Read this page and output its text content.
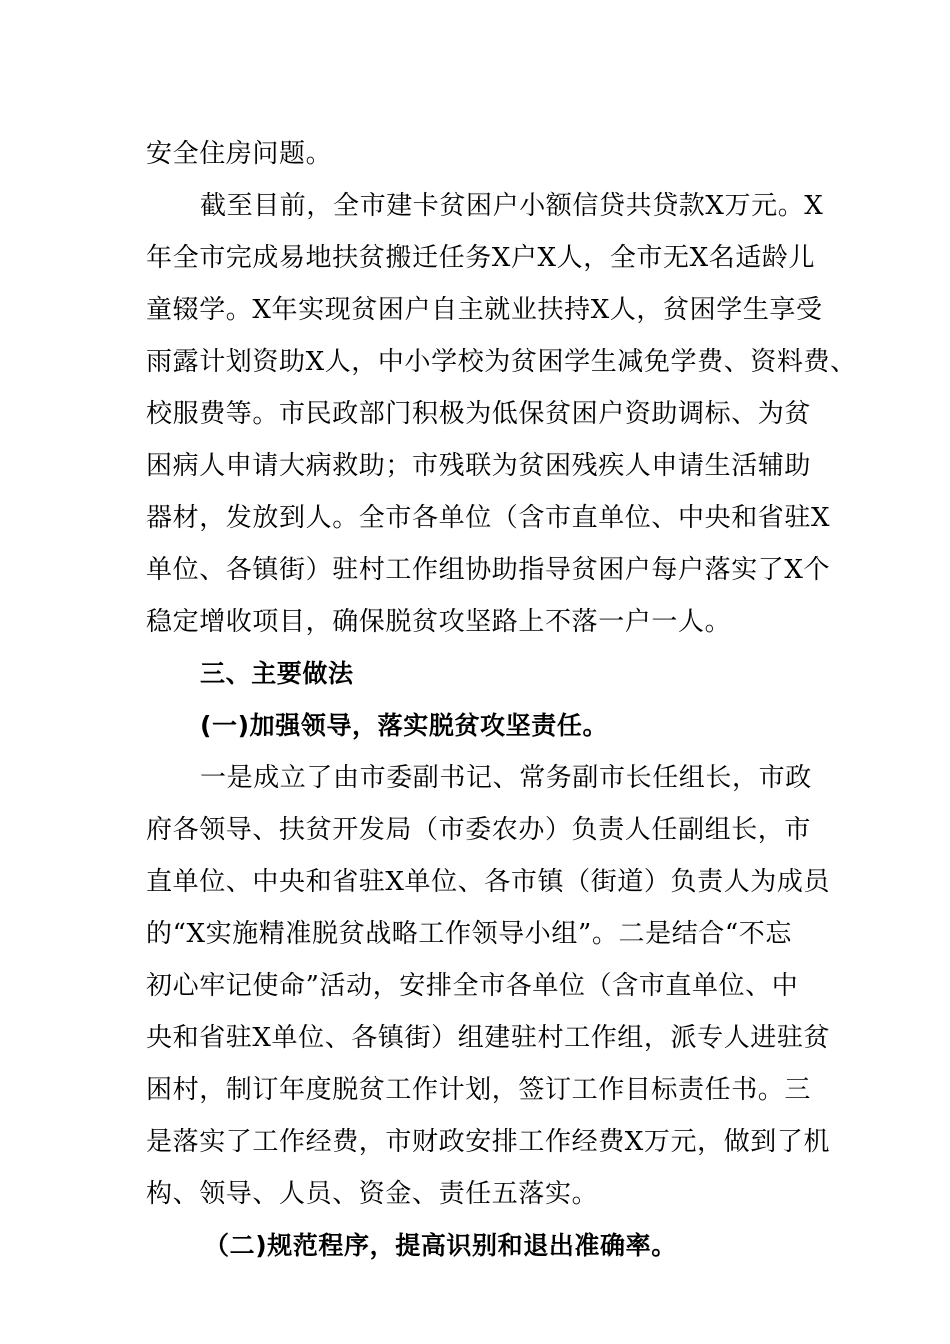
安全住房问题。
截至目前，全市建卡贫困户小额信贷共贷款X万元。X
年全市完成易地扶贫搬迁任务X户X人，全市无X名适龄儿
童辍学。X年实现贫困户自主就业扶持X人，贫困学生享受
雨露计划资助X人，中小学校为贫困学生减免学费、资料费、
校服费等。市民政部门积极为低保贫困户资助调标、为贫
困病人申请大病救助；市残联为贫困残疾人申请生活辅助
器材，发放到人。全市各单位（含市直单位、中央和省驻X
单位、各镇街）驻村工作组协助指导贫困户每户落实了X个
稳定增收项目，确保脱贫攻坚路上不落一户一人。
三、主要做法
(一)加强领导，落实脱贫攻坚责任。
一是成立了由市委副书记、常务副市长任组长，市政
府各领导、扶贫开发局（市委农办）负责人任副组长，市
直单位、中央和省驻X单位、各市镇（街道）负责人为成员
的“X实施精准脱贫战略工作领导小组”。二是结合“不忘
初心牢记使命”活动，安排全市各单位（含市直单位、中
央和省驻X单位、各镇街）组建驻村工作组，派专人进驻贫
困村，制订年度脱贫工作计划，签订工作目标责任书。三
是落实了工作经费，市财政安排工作经费X万元，做到了机
构、领导、人员、资金、责任五落实。
（二)规范程序，提高识别和退出准确率。
